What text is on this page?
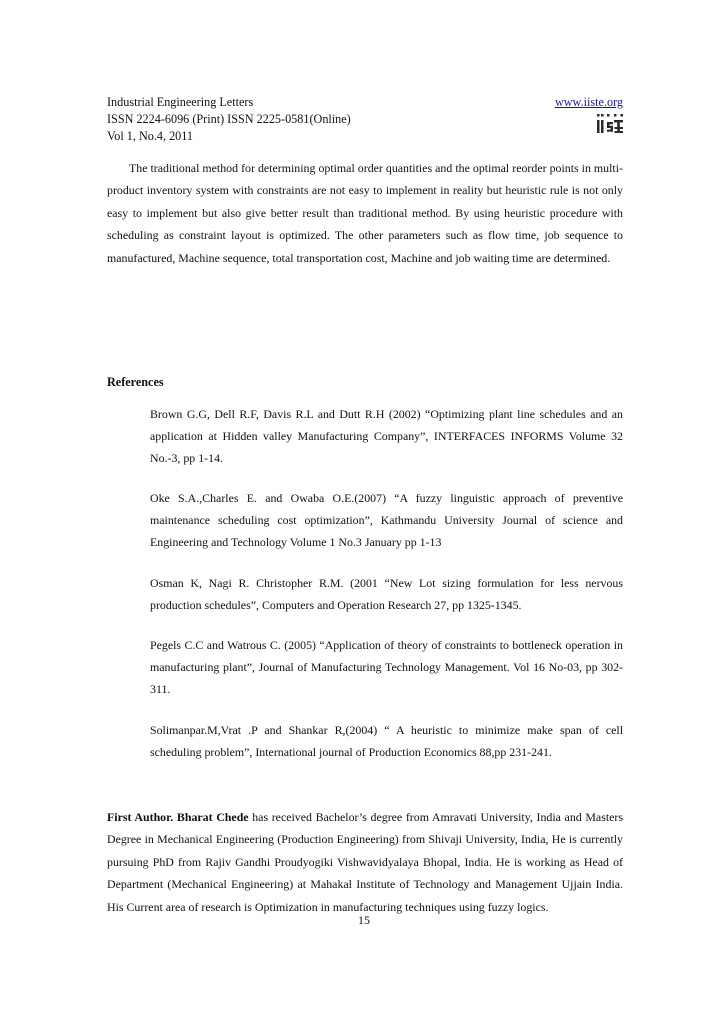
Industrial Engineering Letters
ISSN 2224-6096 (Print) ISSN 2225-0581(Online)
Vol 1, No.4, 2011
www.iiste.org

The traditional method for determining optimal order quantities and the optimal reorder points in multi-product inventory system with constraints are not easy to implement in reality but heuristic rule is not only easy to implement but also give better result than traditional method. By using heuristic procedure with scheduling as constraint layout is optimized. The other parameters such as flow time, job sequence to manufactured, Machine sequence, total transportation cost, Machine and job waiting time are determined.

References
Brown G.G, Dell R.F, Davis R.L and Dutt R.H (2002) “Optimizing plant line schedules and an application at Hidden valley Manufacturing Company”, INTERFACES INFORMS Volume 32 No.-3, pp 1-14.
Oke S.A.,Charles E. and Owaba O.E.(2007) “A fuzzy linguistic approach of preventive maintenance scheduling cost optimization”, Kathmandu University Journal of science and Engineering and Technology Volume 1 No.3 January pp 1-13
Osman K, Nagi R. Christopher R.M. (2001 “New Lot sizing formulation for less nervous production schedules”, Computers and Operation Research 27, pp 1325-1345.
Pegels C.C and Watrous C. (2005) “Application of theory of constraints to bottleneck operation in manufacturing plant”, Journal of Manufacturing Technology Management. Vol 16 No-03, pp 302-311.
Solimanpar.M,Vrat .P and Shankar R,(2004) “ A heuristic to minimize make span of cell scheduling problem”, International journal of Production Economics 88,pp 231-241.

First Author. Bharat Chede has received Bachelor’s degree from Amravati University, India and Masters Degree in Mechanical Engineering (Production Engineering) from Shivaji University, India, He is currently pursuing PhD from Rajiv Gandhi Proudyogiki Vishwavidyalaya Bhopal, India. He is working as Head of Department (Mechanical Engineering) at Mahakal Institute of Technology and Management Ujjain India. His Current area of research is Optimization in manufacturing techniques using fuzzy logics.

15
